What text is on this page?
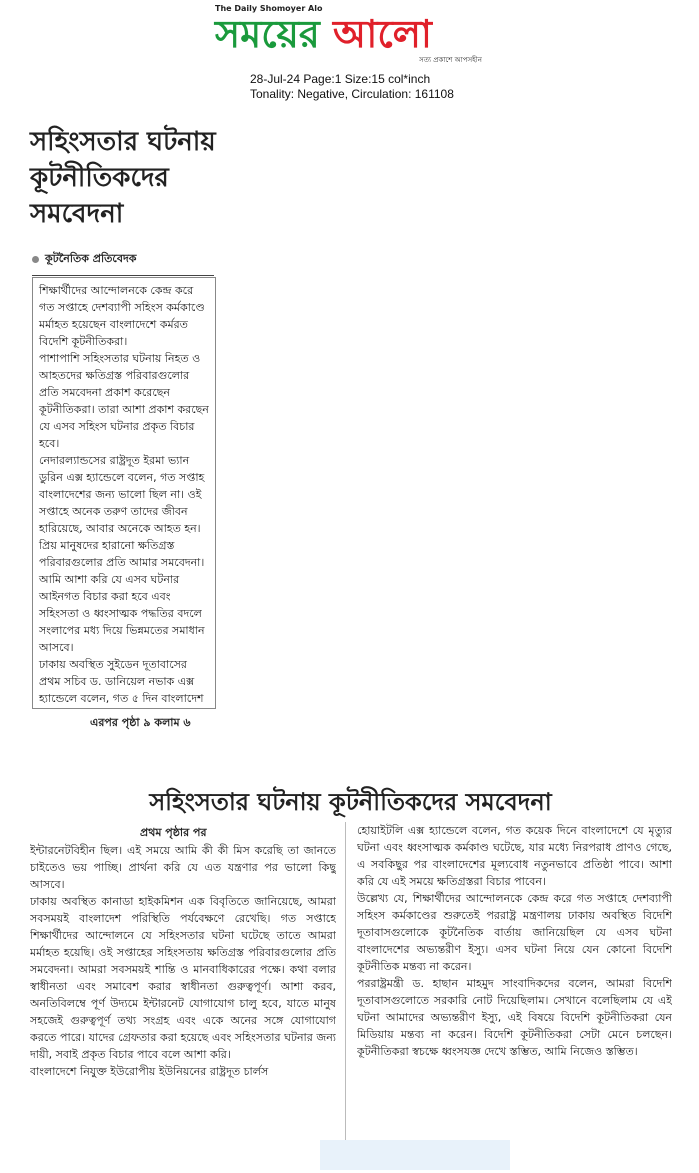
The Daily Shomoyer Alo
সময়ের আলো
সত্য প্রকাশে আপসহীন
28-Jul-24 Page:1 Size:15 col*inch
Tonality: Negative, Circulation: 161108
সহিংসতার ঘটনায়
কূটনীতিকদের
সমবেদনা
কূটনৈতিক প্রতিবেদক

শিক্ষার্থীদের আন্দোলনকে কেন্দ্র করে গত সপ্তাহে দেশব্যাপী সহিংস কর্মকাণ্ডে মর্মাহত হয়েছেন বাংলাদেশে কর্মরত বিদেশি কূটনীতিকরা।

পাশাপাশি সহিংসতার ঘটনায় নিহত ও আহতদের ক্ষতিগ্রস্ত পরিবারগুলোর প্রতি সমবেদনা প্রকাশ করেছেন কূটনীতিকরা। তারা আশা প্রকাশ করছেন যে এসব সহিংস ঘটনার প্রকৃত বিচার হবে।

নেদারল্যান্ডসের রাষ্ট্রদূত ইরমা ভ্যান ডুরিন এক্স হ্যান্ডেলে বলেন, গত সপ্তাহ বাংলাদেশের জন্য ভালো ছিল না। ওই সপ্তাহে অনেক তরুণ তাদের জীবন হারিয়েছে, আবার অনেকে আহত হন। প্রিয় মানুষদের হারানো ক্ষতিগ্রস্ত পরিবারগুলোর প্রতি আমার সমবেদনা। আমি আশা করি যে এসব ঘটনার আইনগত বিচার করা হবে এবং সহিংসতা ও ধ্বংসাত্মক পদ্ধতির বদলে সংলাপের মধ্য দিয়ে ভিন্নমতের সমাধান আসবে।

ঢাকায় অবস্থিত সুইডেন দূতাবাসের প্রথম সচিব ড. ডানিয়েল নভাক এক্স হ্যান্ডেলে বলেন, গত ৫ দিন বাংলাদেশ

এরপর পৃষ্ঠা ৯ কলাম ৬
সহিংসতার ঘটনায় কূটনীতিকদের সমবেদনা
প্রথম পৃষ্ঠার পর

ইন্টারনেটবিহীন ছিল। এই সময়ে আমি কী কী মিস করেছি তা জানতে চাইতেও ভয় পাচ্ছি। প্রার্থনা করি যে এত যন্ত্রণার পর ভালো কিছু আসবে।

ঢাকায় অবস্থিত কানাডা হাইকমিশন এক বিবৃতিতে জানিয়েছে, আমরা সবসময়ই বাংলাদেশ পরিস্থিতি পর্যবেক্ষণে রেখেছি। গত সপ্তাহে শিক্ষার্থীদের আন্দোলনে যে সহিংসতার ঘটনা ঘটেছে তাতে আমরা মর্মাহত হয়েছি। ওই সপ্তাহের সহিংসতায় ক্ষতিগ্রস্ত পরিবারগুলোর প্রতি সমবেদনা। আমরা সবসময়ই শান্তি ও মানবাধিকারের পক্ষে। কথা বলার স্বাধীনতা এবং সমাবেশ করার স্বাধীনতা গুরুত্বপূর্ণ। আশা করব, অনতিবিলম্বে পূর্ণ উদ্যমে ইন্টারনেট যোগাযোগ চালু হবে, যাতে মানুষ সহজেই গুরুত্বপূর্ণ তথ্য সংগ্রহ এবং একে অনের সঙ্গে যোগাযোগ করতে পারে। যাদের গ্রেফতার করা হয়েছে এবং সহিংসতার ঘটনার জন্য দায়ী, সবাই প্রকৃত বিচার পাবে বলে আশা করি।

বাংলাদেশে নিযুক্ত ইউরোপীয় ইউনিয়নের রাষ্ট্রদূত চার্লস

হোয়াইটলি এক্স হ্যান্ডেলে বলেন, গত কয়েক দিনে বাংলাদেশে যে মৃত্যুর ঘটনা এবং ধ্বংসাত্মক কর্মকাণ্ড ঘটেছে, যার মধ্যে নিরপরাধ প্রাণও গেছে, এ সবকিছুর পর বাংলাদেশের মূল্যবোধ নতুনভাবে প্রতিষ্ঠা পাবে। আশা করি যে এই সময়ে ক্ষতিগ্রস্তরা বিচার পাবেন।

উল্লেখ্য যে, শিক্ষার্থীদের আন্দোলনকে কেন্দ্র করে গত সপ্তাহে দেশব্যাপী সহিংস কর্মকাণ্ডের শুরুতেই পররাষ্ট্র মন্ত্রণালয় ঢাকায় অবস্থিত বিদেশি দূতাবাসগুলোকে কূটনৈতিক বার্তায় জানিয়েছিল যে এসব ঘটনা বাংলাদেশের অভ্যন্তরীণ ইস্যু। এসব ঘটনা নিয়ে যেন কোনো বিদেশি কূটনীতিক মন্তব্য না করেন।

পররাষ্ট্রমন্ত্রী ড. হাছান মাহমুদ সাংবাদিকদের বলেন, আমরা বিদেশি দূতাবাসগুলোতে সরকারি নোট দিয়েছিলাম। সেখানে বলেছিলাম যে এই ঘটনা আমাদের অভ্যন্তরীণ ইস্যু, এই বিষয়ে বিদেশি কূটনীতিকরা যেন মিডিয়ায় মন্তব্য না করেন। বিদেশি কূটনীতিকরা সেটা মেনে চলছেন। কূটনীতিকরা স্বচক্ষে ধ্বংসযজ্ঞ দেখে স্তম্ভিত, আমি নিজেও স্তম্ভিত।
